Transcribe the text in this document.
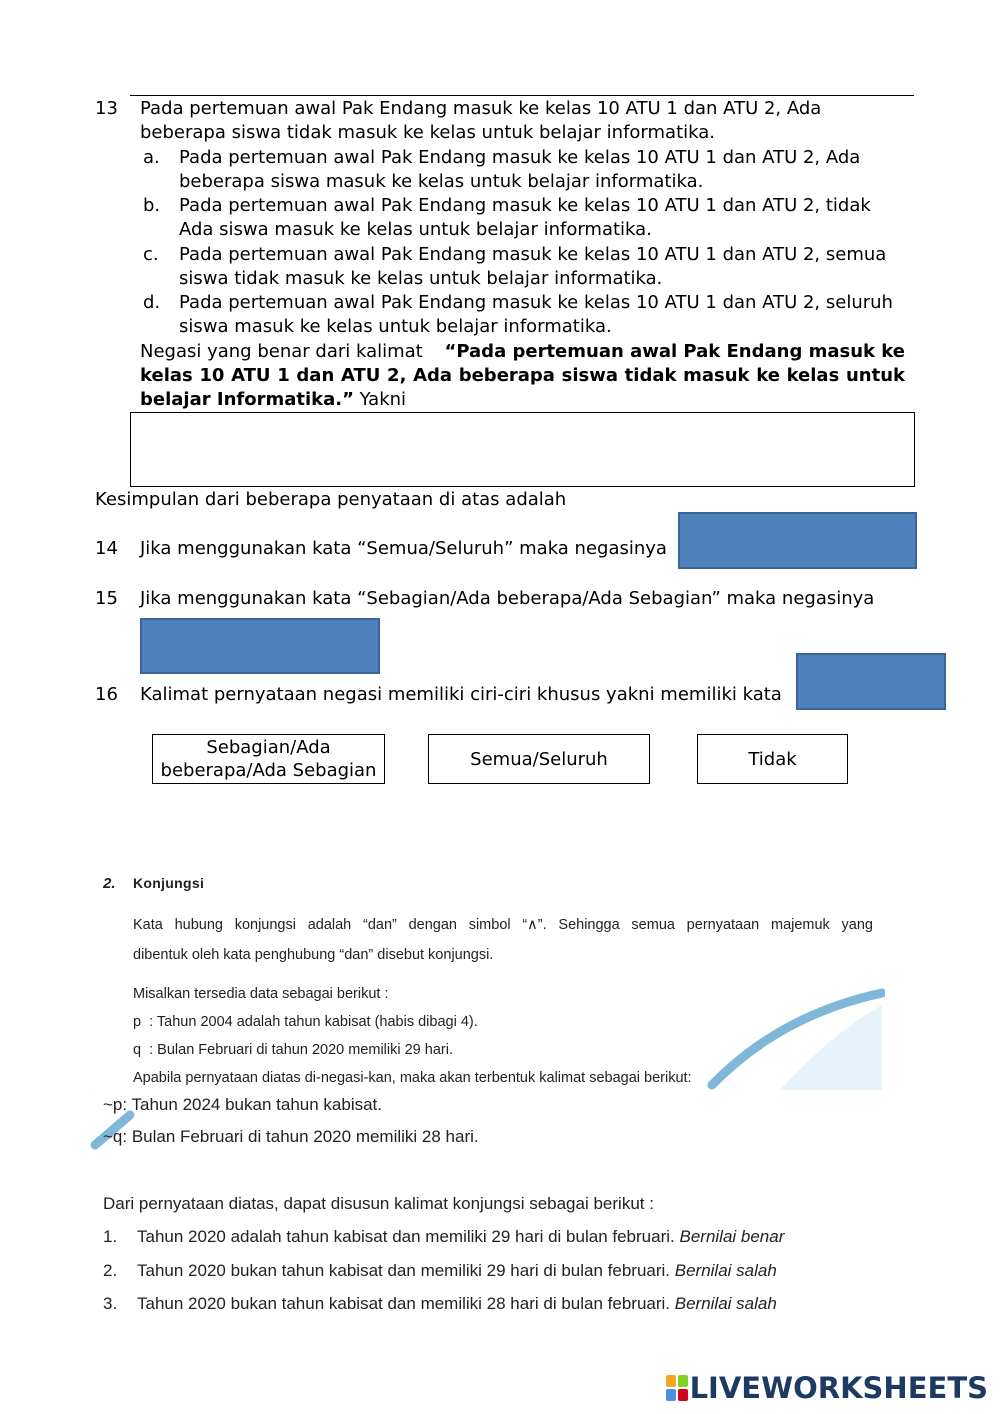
13 Pada pertemuan awal Pak Endang masuk ke kelas 10 ATU 1 dan ATU 2, Ada
beberapa siswa tidak masuk ke kelas untuk belajar informatika.
a. Pada pertemuan awal Pak Endang masuk ke kelas 10 ATU 1 dan ATU 2, Ada
beberapa siswa masuk ke kelas untuk belajar informatika.
b. Pada pertemuan awal Pak Endang masuk ke kelas 10 ATU 1 dan ATU 2, tidak
Ada siswa masuk ke kelas untuk belajar informatika.
c. Pada pertemuan awal Pak Endang masuk ke kelas 10 ATU 1 dan ATU 2, semua
siswa tidak masuk ke kelas untuk belajar informatika.
d. Pada pertemuan awal Pak Endang masuk ke kelas 10 ATU 1 dan ATU 2, seluruh
siswa masuk ke kelas untuk belajar informatika.
Negasi yang benar dari kalimat “Pada pertemuan awal Pak Endang masuk ke
kelas 10 ATU 1 dan ATU 2, Ada beberapa siswa tidak masuk ke kelas untuk
belajar Informatika.” Yakni
Kesimpulan dari beberapa penyataan di atas adalah
14 Jika menggunakan kata “Semua/Seluruh” maka negasinya
15 Jika menggunakan kata “Sebagian/Ada beberapa/Ada Sebagian” maka negasinya
16 Kalimat pernyataan negasi memiliki ciri-ciri khusus yakni memiliki kata
Sebagian/Ada
beberapa/Ada Sebagian
Semua/Seluruh	Tidak
2. Konjungsi
Kata  hubung  konjungsi  adalah  “dan”  dengan  simbol  “∧”.  Sehingga  semua  pernyataan  majemuk  yang
dibentuk oleh kata penghubung “dan” disebut konjungsi.
Misalkan tersedia data sebagai berikut :
p  : Tahun 2004 adalah tahun kabisat (habis dibagi 4).
q  : Bulan Februari di tahun 2020 memiliki 29 hari.
Apabila pernyataan diatas di-negasi-kan, maka akan terbentuk kalimat sebagai berikut:
~p: Tahun 2024 bukan tahun kabisat.
~q: Bulan Februari di tahun 2020 memiliki 28 hari.
Dari pernyataan diatas, dapat disusun kalimat konjungsi sebagai berikut :
1. Tahun 2020 adalah tahun kabisat dan memiliki 29 hari di bulan februari. Bernilai benar
2. Tahun 2020 bukan tahun kabisat dan memiliki 29 hari di bulan februari. Bernilai salah
3. Tahun 2020 bukan tahun kabisat dan memiliki 28 hari di bulan februari. Bernilai salah
LIVEWORKSHEETS
